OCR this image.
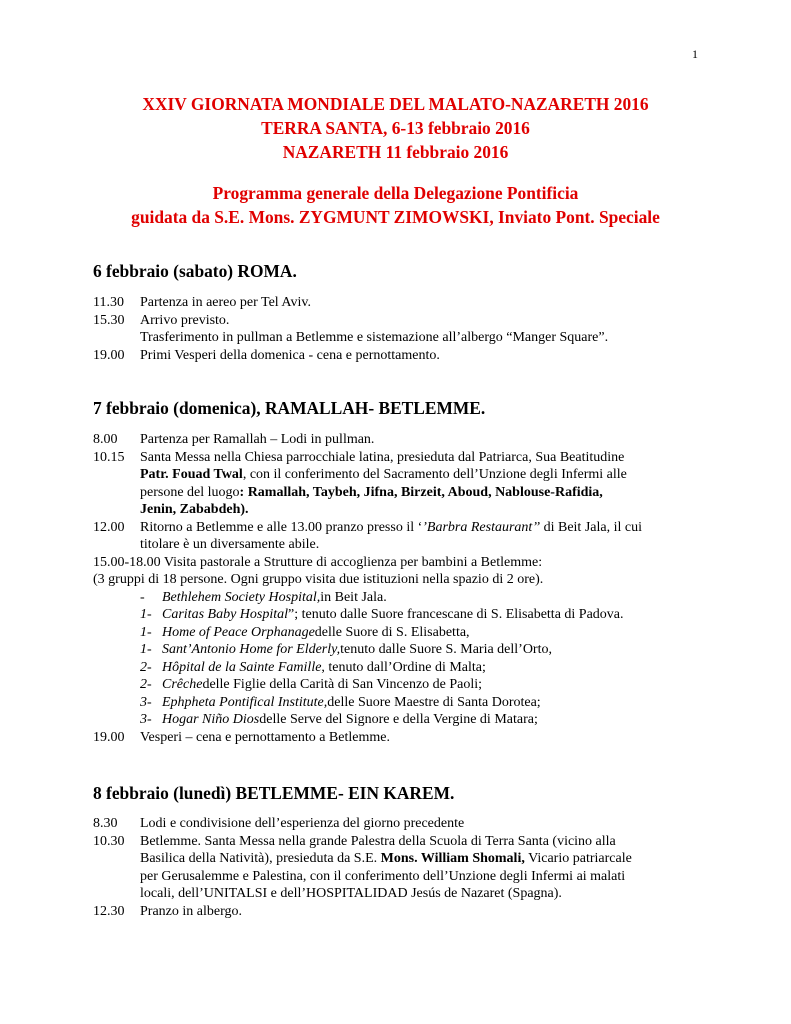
1
XXIV GIORNATA MONDIALE DEL MALATO-NAZARETH 2016
TERRA SANTA, 6-13 febbraio 2016
NAZARETH 11 febbraio 2016
Programma generale della Delegazione Pontificia
guidata da S.E. Mons. ZYGMUNT ZIMOWSKI, Inviato Pont. Speciale
6 febbraio (sabato) ROMA.
11.30	Partenza in aereo per Tel Aviv.
15.30	Arrivo previsto.
Trasferimento in pullman a Betlemme e sistemazione all’albergo “Manger Square”.
19.00	Primi Vesperi della domenica - cena e pernottamento.
7 febbraio (domenica), RAMALLAH- BETLEMME.
8.00	Partenza per Ramallah – Lodi in pullman.
10.15	Santa Messa nella Chiesa parrocchiale latina, presieduta dal Patriarca, Sua Beatitudine
Patr. Fouad Twal, con il conferimento del Sacramento dell’Unzione degli Infermi alle
persone del luogo: Ramallah, Taybeh, Jifna, Birzeit, Aboud, Nablouse-Rafidia,
Jenin, Zababdeh).
12.00	Ritorno a Betlemme e alle 13.00 pranzo presso il ‘’Barbra Restaurant’’ di Beit Jala, il cui
titolare è un diversamente abile.
15.00-18.00 Visita pastorale a Strutture di accoglienza per bambini a Betlemme:
(3 gruppi di 18 persone. Ogni gruppo visita due istituzioni nella spazio di 2 ore).
-	Bethlehem Society Hospital, in Beit Jala.
1- Caritas Baby Hospital ”; tenuto dalle Suore francescane di S. Elisabetta di Padova.
1- Home of Peace Orphanage delle Suore di S. Elisabetta,
1- Sant’Antonio Home for Elderly, tenuto dalle Suore S. Maria dell’Orto,
2- Hôpital de la Sainte Famille , tenuto dall’Ordine di Malta;
2- Crêche delle Figlie della Carità di San Vincenzo de Paoli;
3- Ephpheta Pontifical Institute, delle Suore Maestre di Santa Dorotea;
3- Hogar Niño Dios delle Serve del Signore e della Vergine di Matara;
19.00	Vesperi – cena e pernottamento a Betlemme.
8 febbraio (lunedì) BETLEMME- EIN KAREM.
8.30	Lodi e condivisione dell’esperienza del giorno precedente
10.30	Betlemme. Santa Messa nella grande Palestra della Scuola di Terra Santa (vicino alla
Basilica della Natività), presieduta da S.E. Mons. William Shomali, Vicario patriarcale
per Gerusalemme e Palestina, con il conferimento dell’Unzione degli Infermi ai malati
locali, dell’UNITALSI e dell’HOSPITALIDAD Jesús de Nazaret (Spagna).
12.30	Pranzo in albergo.
